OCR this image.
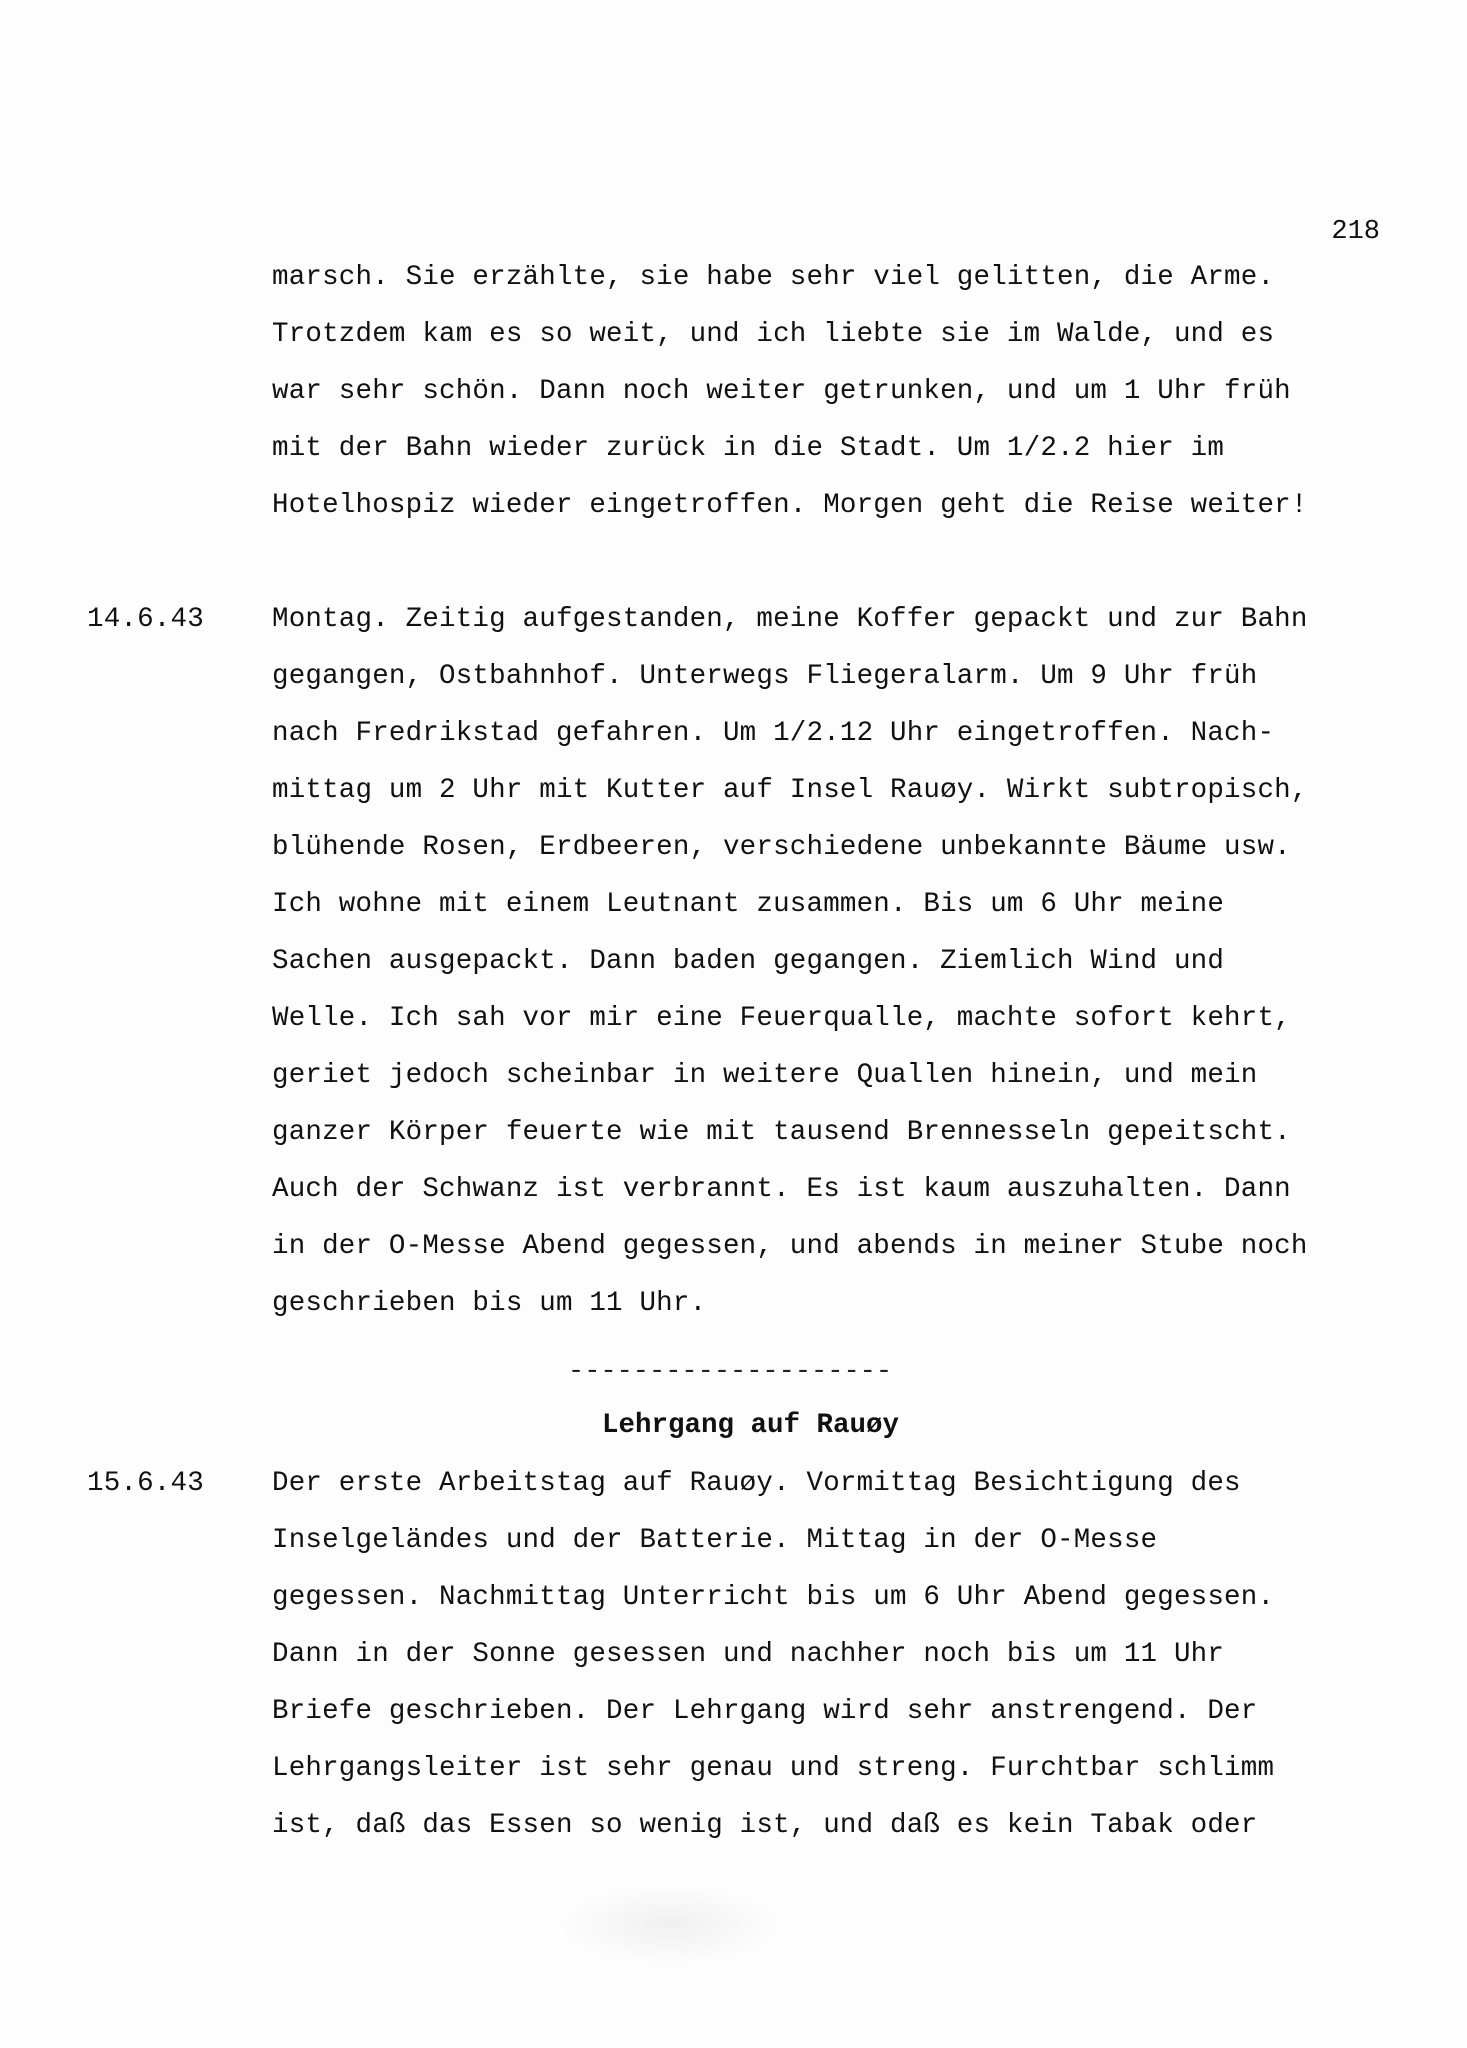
218
marsch. Sie erzählte, sie habe sehr viel gelitten, die Arme.
Trotzdem kam es so weit, und ich liebte sie im Walde, und es
war sehr schön. Dann noch weiter getrunken, und um 1 Uhr früh
mit der Bahn wieder zurück in die Stadt. Um 1/2.2 hier im
Hotelhospiz wieder eingetroffen. Morgen geht die Reise weiter!
14.6.43 Montag. Zeitig aufgestanden, meine Koffer gepackt und zur Bahn
gegangen, Ostbahnhof. Unterwegs Fliegeralarm. Um 9 Uhr früh
nach Fredrikstad gefahren. Um 1/2.12 Uhr eingetroffen. Nach-
mittag um 2 Uhr mit Kutter auf Insel Rauøy. Wirkt subtropisch,
blühende Rosen, Erdbeeren, verschiedene unbekannte Bäume usw.
Ich wohne mit einem Leutnant zusammen. Bis um 6 Uhr meine
Sachen ausgepackt. Dann baden gegangen. Ziemlich Wind und
Welle. Ich sah vor mir eine Feuerqualle, machte sofort kehrt,
geriet jedoch scheinbar in weitere Quallen hinein, und mein
ganzer Körper feuerte wie mit tausend Brennesseln gepeitscht.
Auch der Schwanz ist verbrannt. Es ist kaum auszuhalten. Dann
in der O-Messe Abend gegessen, und abends in meiner Stube noch
geschrieben bis um 11 Uhr.
--------------------
Lehrgang auf Rauøy
15.6.43 Der erste Arbeitstag auf Rauøy. Vormittag Besichtigung des
Inselgeländes und der Batterie. Mittag in der O-Messe
gegessen. Nachmittag Unterricht bis um 6 Uhr Abend gegessen.
Dann in der Sonne gesessen und nachher noch bis um 11 Uhr
Briefe geschrieben. Der Lehrgang wird sehr anstrengend. Der
Lehrgangsleiter ist sehr genau und streng. Furchtbar schlimm
ist, daß das Essen so wenig ist, und daß es kein Tabak oder
